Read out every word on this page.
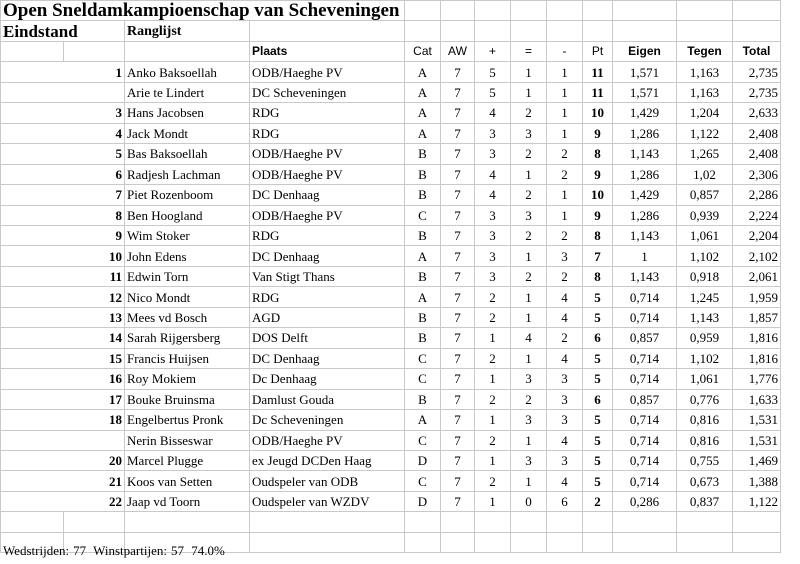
Open Sneldamkampioenschap van Scheveningen												
Eindstand		Ranglijst										
			Plaats	Cat	AW	+	=	-	Pt	Eigen	Tegen	Total
1		Anko Baksoellah	ODB/Haeghe PV	A	7	5	1	1	11	1,571	1,163	2,735
		Arie te Lindert	DC Scheveningen	A	7	5	1	1	11	1,571	1,163	2,735
3		Hans Jacobsen	RDG	A	7	4	2	1	10	1,429	1,204	2,633
4		Jack Mondt	RDG	A	7	3	3	1	9	1,286	1,122	2,408
5		Bas Baksoellah	ODB/Haeghe PV	B	7	3	2	2	8	1,143	1,265	2,408
6		Radjesh Lachman	ODB/Haeghe PV	B	7	4	1	2	9	1,286	1,02	2,306
7		Piet Rozenboom	DC Denhaag	B	7	4	2	1	10	1,429	0,857	2,286
8		Ben Hoogland	ODB/Haeghe PV	C	7	3	3	1	9	1,286	0,939	2,224
9		Wim Stoker	RDG	B	7	3	2	2	8	1,143	1,061	2,204
10		John Edens	DC Denhaag	A	7	3	1	3	7	1	1,102	2,102
11		Edwin Torn	Van Stigt Thans	B	7	3	2	2	8	1,143	0,918	2,061
12		Nico Mondt	RDG	A	7	2	1	4	5	0,714	1,245	1,959
13		Mees vd Bosch	AGD	B	7	2	1	4	5	0,714	1,143	1,857
14		Sarah Rijgersberg	DOS Delft	B	7	1	4	2	6	0,857	0,959	1,816
15		Francis Huijsen	DC Denhaag	C	7	2	1	4	5	0,714	1,102	1,816
16		Roy Mokiem	Dc Denhaag	C	7	1	3	3	5	0,714	1,061	1,776
17		Bouke Bruinsma	Damlust Gouda	B	7	2	2	3	6	0,857	0,776	1,633
18		Engelbertus Pronk	Dc Scheveningen	A	7	1	3	3	5	0,714	0,816	1,531
		Nerin Bisseswar	ODB/Haeghe PV	C	7	2	1	4	5	0,714	0,816	1,531
20		Marcel Plugge	ex Jeugd DCDen Haag	D	7	1	3	3	5	0,714	0,755	1,469
21		Koos van Setten	Oudspeler van ODB	C	7	2	1	4	5	0,714	0,673	1,388
22		Jaap vd Toorn	Oudspeler van WZDV	D	7	1	0	6	2	0,286	0,837	1,122

Wedstrijden: 77 Winstpartijen: 57 74.0%
